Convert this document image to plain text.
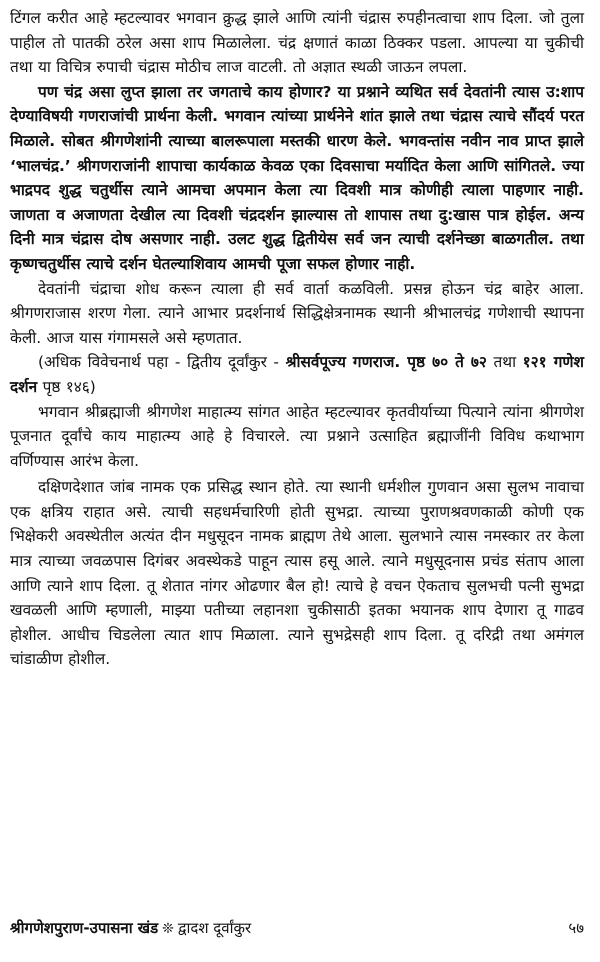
टिंगल करीत आहे म्हटल्यावर भगवान क्रुद्ध झाले आणि त्यांनी चंद्रास रुपहीनत्वाचा शाप दिला. जो तुला पाहील तो पातकी ठरेल असा शाप मिळालेला. चंद्र क्षणातं काळा ठिक्कर पडला. आपल्या या चुकीची तथा या विचित्र रुपाची चंद्रास मोठीच लाज वाटली. तो अज्ञात स्थळी जाऊन लपला.

पण चंद्र असा लुप्त झाला तर जगताचे काय होणार? या प्रश्नाने व्यथित सर्व देवतांनी त्यास उ:शाप देण्याविषयी गणराजांची प्रार्थना केली. भगवान त्यांच्या प्रार्थनेने शांत झाले तथा चंद्रास त्याचे सौंदर्य परत मिळाले. सोबत श्रीगणेशांनी त्याच्या बालरूपाला मस्तकी धारण केले. भगवन्तांस नवीन नाव प्राप्त झाले ‘भालचंद्र.’ श्रीगणराजांनी शापाचा कार्यकाळ केवळ एका दिवसाचा मर्यादित केला आणि सांगितले. ज्या भाद्रपद शुद्ध चतुर्थीस त्याने आमचा अपमान केला त्या दिवशी मात्र कोणीही त्याला पाहणार नाही. जाणता व अजाणता देखील त्या दिवशी चंद्रदर्शन झाल्यास तो शापास तथा दु:खास पात्र होईल. अन्य दिनी मात्र चंद्रास दोष असणार नाही. उलट शुद्ध द्वितीयेस सर्व जन त्याची दर्शनेच्छा बाळगतील. तथा कृष्णचतुर्थीस त्याचे दर्शन घेतल्याशिवाय आमची पूजा सफल होणार नाही.

देवतांनी चंद्राचा शोध करून त्याला ही सर्व वार्ता कळविली. प्रसन्न होऊन चंद्र बाहेर आला. श्रीगणराजास शरण गेला. त्याने आभार प्रदर्शनार्थ सिद्धिक्षेत्रनामक स्थानी श्रीभालचंद्र गणेशाची स्थापना केली. आज यास गंगामसले असे म्हणतात.

(अधिक विवेचनार्थ पहा - द्वितीय दूर्वांकुर - श्रीसर्वपूज्य गणराज. पृष्ठ ७० ते ७२ तथा १२१ गणेश दर्शन पृष्ठ १४६)

भगवान श्रीब्रह्माजी श्रीगणेश माहात्म्य सांगत आहेत म्हटल्यावर कृतवीर्याच्या पित्याने त्यांना श्रीगणेश पूजनात दूर्वांचे काय माहात्म्य आहे हे विचारले. त्या प्रश्नाने उत्साहित ब्रह्माजींनी विविध कथाभाग वर्णिण्यास आरंभ केला.

दक्षिणदेशात जांब नामक एक प्रसिद्ध स्थान होते. त्या स्थानी धर्मशील गुणवान असा सुलभ नावाचा एक क्षत्रिय राहात असे. त्याची सहधर्मचारिणी होती सुभद्रा. त्याच्या पुराणश्रवणकाळी कोणी एक भिक्षेकरी अवस्थेतील अत्यंत दीन मधुसूदन नामक ब्राह्मण तेथे आला. सुलभाने त्यास नमस्कार तर केला मात्र त्याच्या जवळपास दिगंबर अवस्थेकडे पाहून त्यास हसू आले. त्याने मधुसूदनास प्रचंड संताप आला आणि त्याने शाप दिला. तू शेतात नांगर ओढणार बैल हो! त्याचे हे वचन ऐकताच सुलभची पत्नी सुभद्रा खवळली आणि म्हणाली, माझ्या पतीच्या लहानशा चुकीसाठी इतका भयानक शाप देणारा तू गाढव होशील. आधीच चिडलेला त्यात शाप मिळाला. त्याने सुभद्रेसही शाप दिला. तू दरिद्री तथा अमंगल चांडाळीण होशील.

श्रीगणेशपुराण-उपासना खंड ❊ द्वादश दूर्वांकुर	५७
